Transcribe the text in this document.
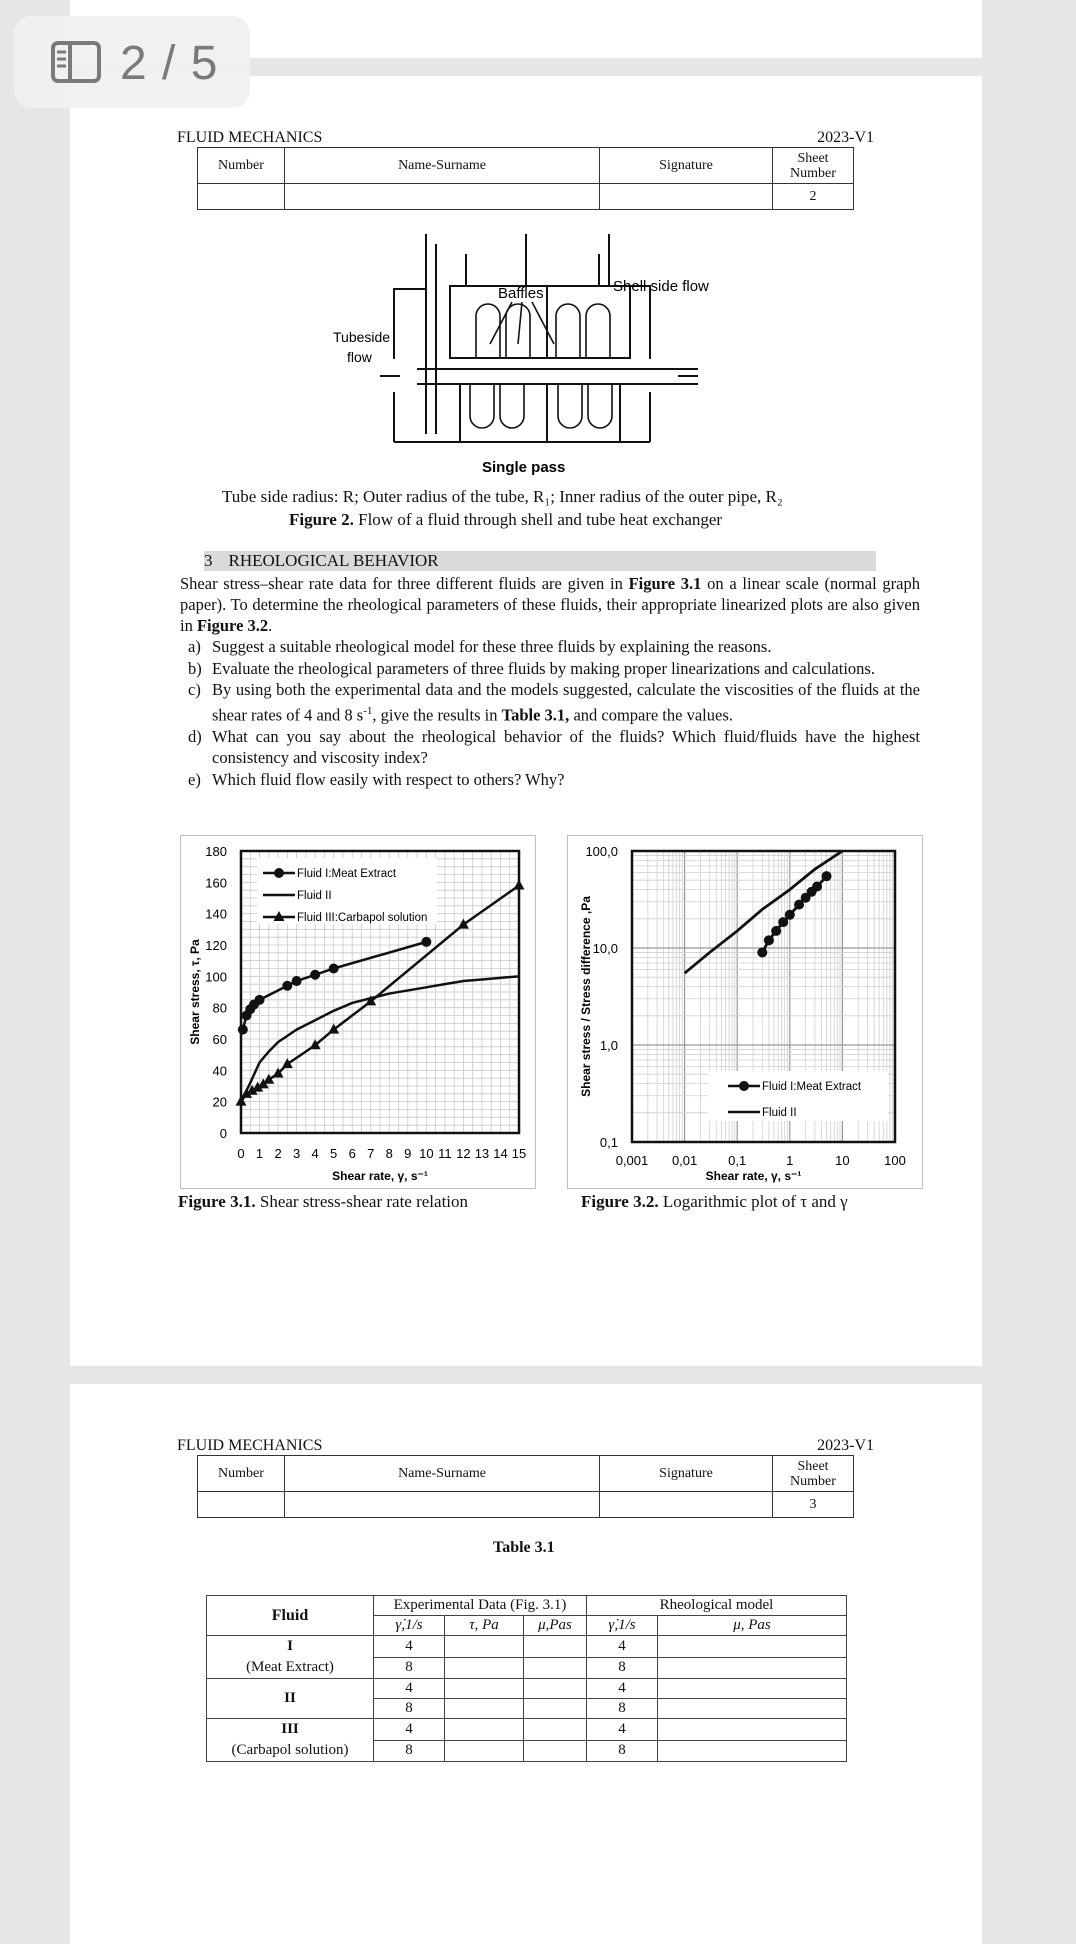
2 / 5
FLUID MECHANICS	2023-V1
Number	Name-Surname	Signature	Sheet Number
			2
Baffles	Shell side flow
Tubeside
flow
Single pass
Tube side radius: R; Outer radius of the tube, R₁; Inner radius of the outer pipe, R₂
Figure 2. Flow of a fluid through shell and tube heat exchanger
3 RHEOLOGICAL BEHAVIOR
Shear stress–shear rate data for three different fluids are given in Figure 3.1 on a linear scale (normal graph paper). To determine the rheological parameters of these fluids, their appropriate linearized plots are also given in Figure 3.2.
a) Suggest a suitable rheological model for these three fluids by explaining the reasons.
b) Evaluate the rheological parameters of three fluids by making proper linearizations and calculations.
c) By using both the experimental data and the models suggested, calculate the viscosities of the fluids at the shear rates of 4 and 8 $s^{-1}$, give the results in Table 3.1, and compare the values.
d) What can you say about the rheological behavior of the fluids? Which fluid/fluids have the highest consistency and viscosity index?
e) Which fluid flow easily with respect to others? Why?
0 1 2 3 4 5 6 7 8 9 10 11 12 13 14 15
0
20
40
60
80
100
120
140
160
180
Shear rate, γ, s⁻¹
Shear stress, τ, Pa
Fluid I:Meat Extract
Fluid II
Fluid III:Carbapol solution
0,001 0,01 0,1	1	10	100
0,1
1,0
10,0
100,0
Shear rate, γ, s⁻¹
Shear stress / Stress difference ,Pa	Fluid I:Meat Extract
Fluid II
Figure 3.1. Shear stress-shear rate relation	Figure 3.2. Logarithmic plot of τ and γ
FLUID MECHANICS	2023-V1
Number	Name-Surname	Signature	Sheet Number
			3
Table 3.1
Fluid	Experimental Data (Fig. 3.1)			Rheological model	
	γ̇,1/s	τ, Pa	μ,Pas	γ̇,1/s	μ, Pas
I
(Meat Extract)	4			4	
	8			8	
II	4			4	
	8			8	
III
(Carbapol solution)	4			4	
	8			8	
